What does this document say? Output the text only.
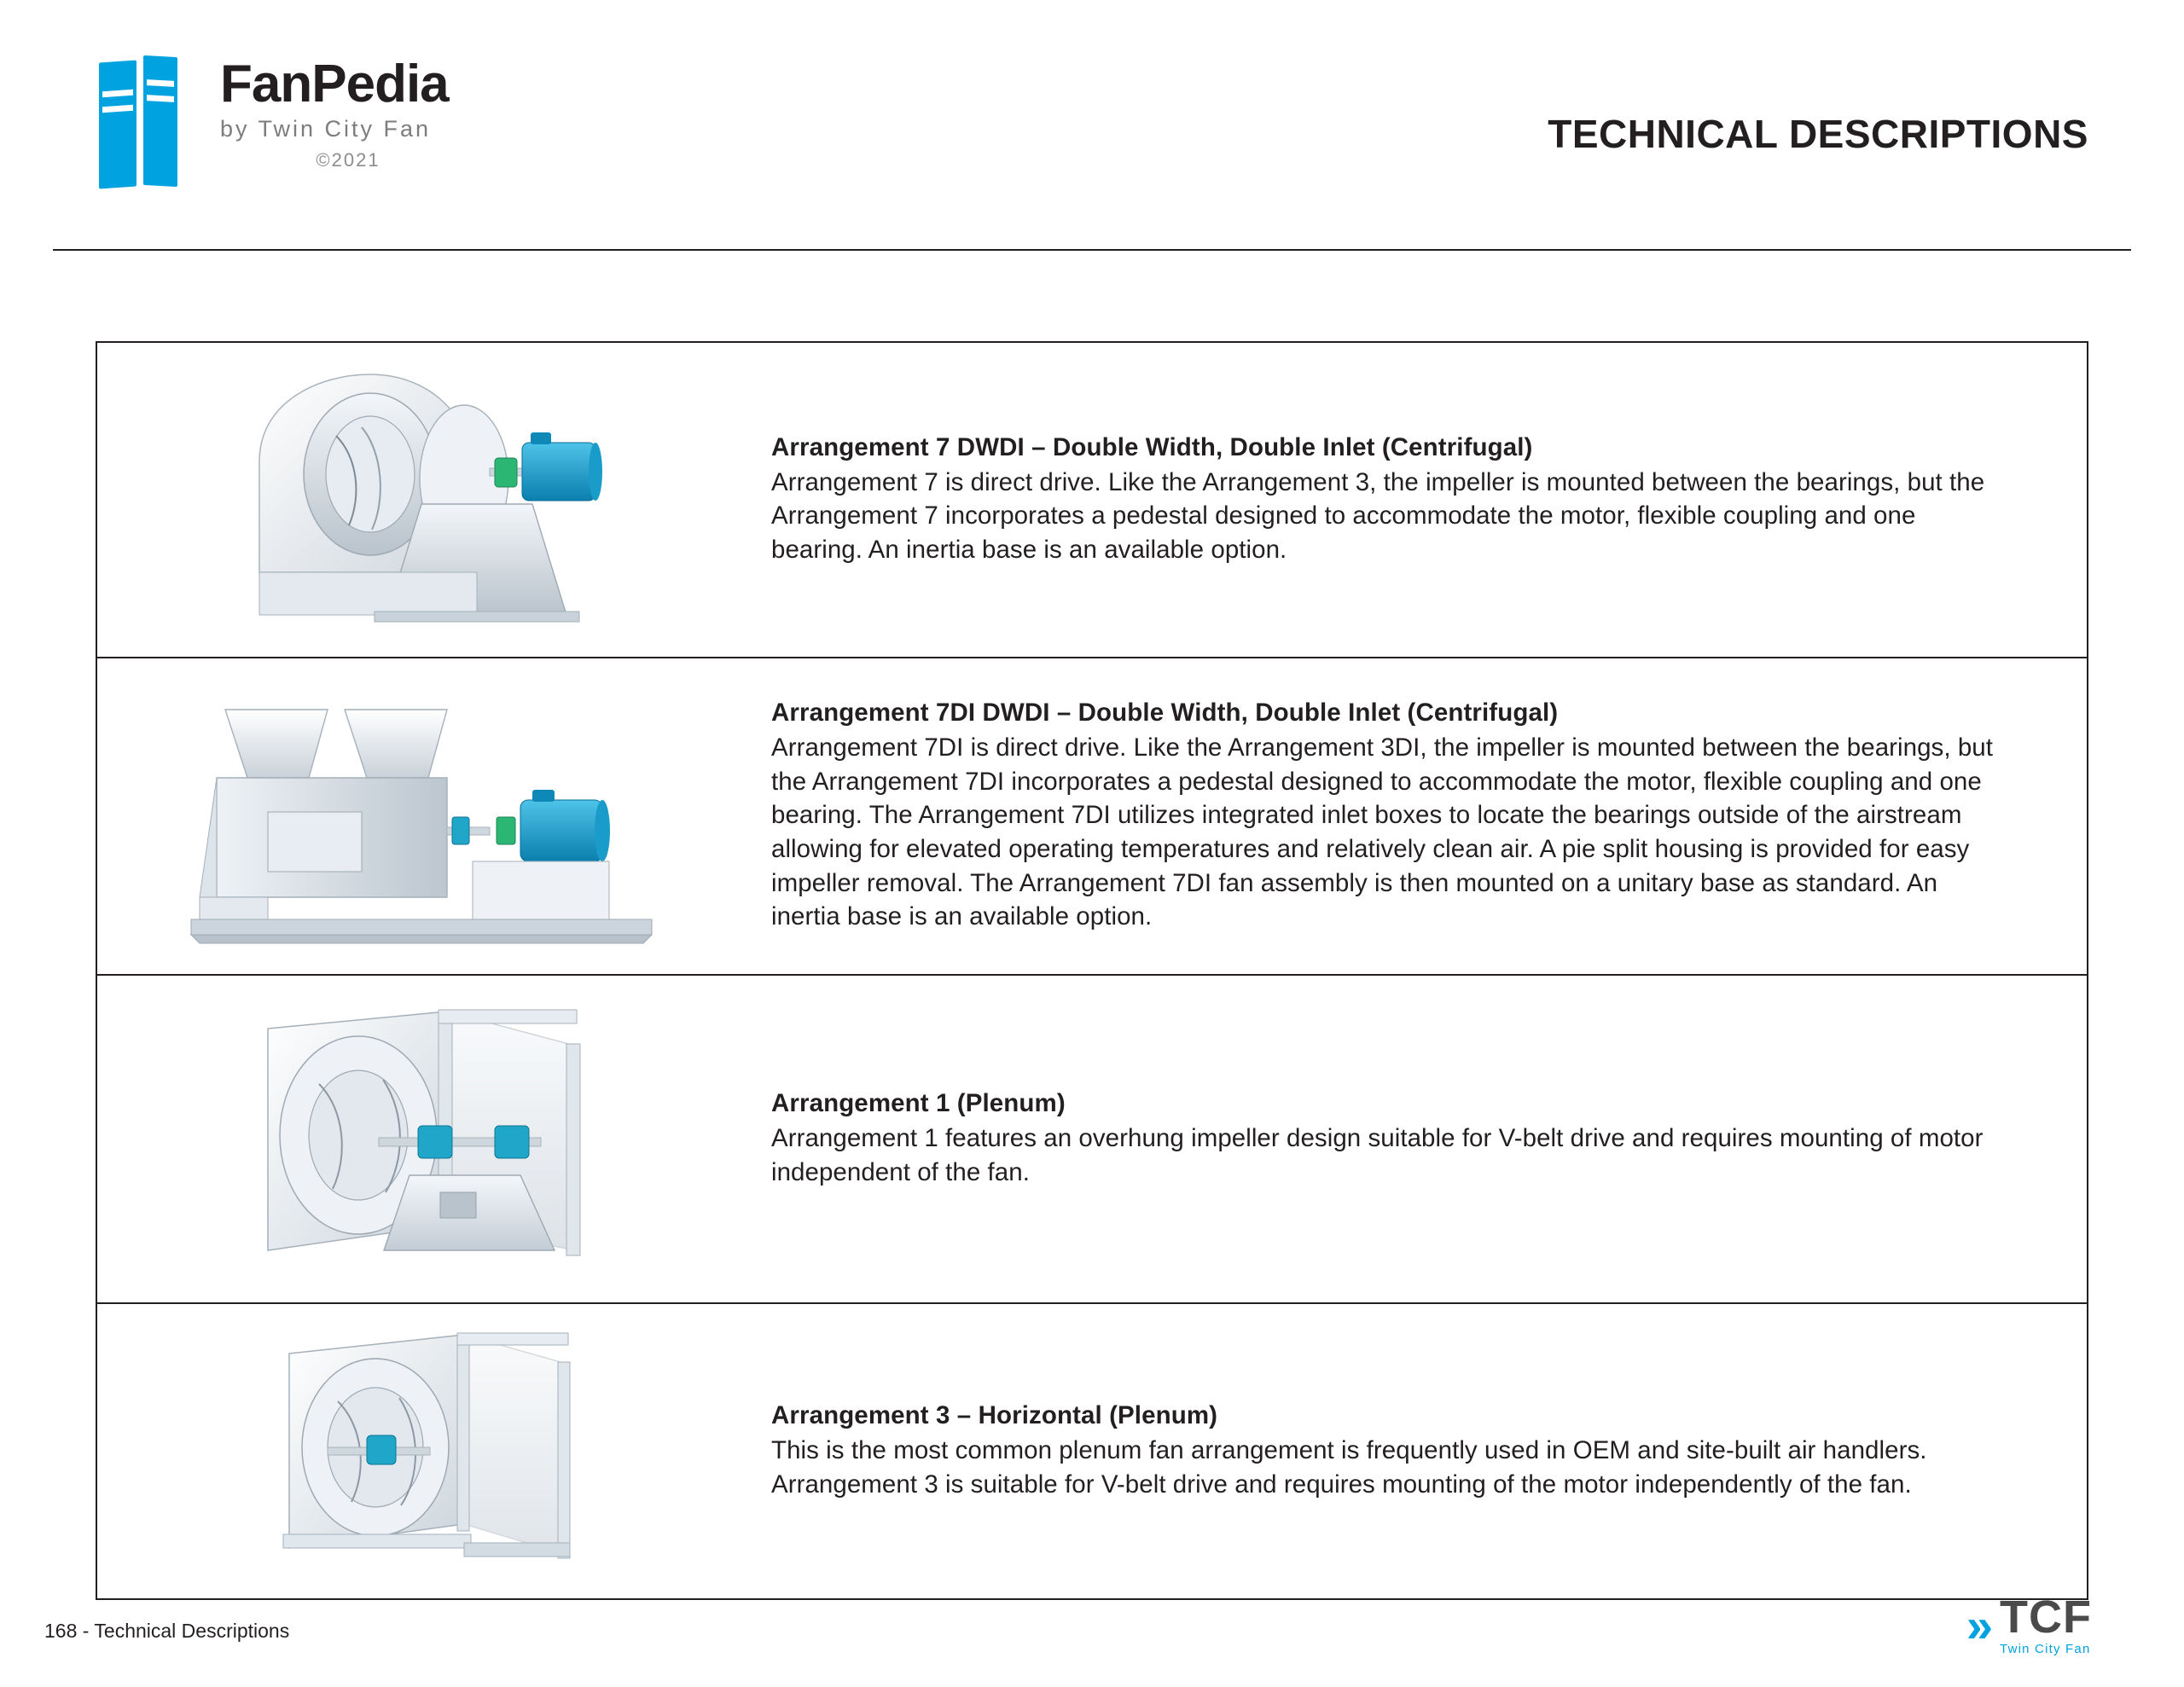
FanPedia
by Twin City Fan
©2021
TECHNICAL DESCRIPTIONS
Arrangement 7 DWDI – Double Width, Double Inlet (Centrifugal)
Arrangement 7 is direct drive. Like the Arrangement 3, the impeller is mounted between the bearings, but the Arrangement 7 incorporates a pedestal designed to accommodate the motor, flexible coupling and one bearing. An inertia base is an available option.
Arrangement 7DI DWDI – Double Width, Double Inlet (Centrifugal)
Arrangement 7DI is direct drive. Like the Arrangement 3DI, the impeller is mounted between the bearings, but the Arrangement 7DI incorporates a pedestal designed to accommodate the motor, flexible coupling and one bearing. The Arrangement 7DI utilizes integrated inlet boxes to locate the bearings outside of the airstream allowing for elevated operating temperatures and relatively clean air. A pie split housing is provided for easy impeller removal. The Arrangement 7DI fan assembly is then mounted on a unitary base as standard. An inertia base is an available option.
Arrangement 1 (Plenum)
Arrangement 1 features an overhung impeller design suitable for V-belt drive and requires mounting of motor independent of the fan.
Arrangement 3 – Horizontal (Plenum)
This is the most common plenum fan arrangement is frequently used in OEM and site-built air handlers. Arrangement 3 is suitable for V-belt drive and requires mounting of the motor independently of the fan.
168 - Technical Descriptions	» TCF
Twin City Fan
